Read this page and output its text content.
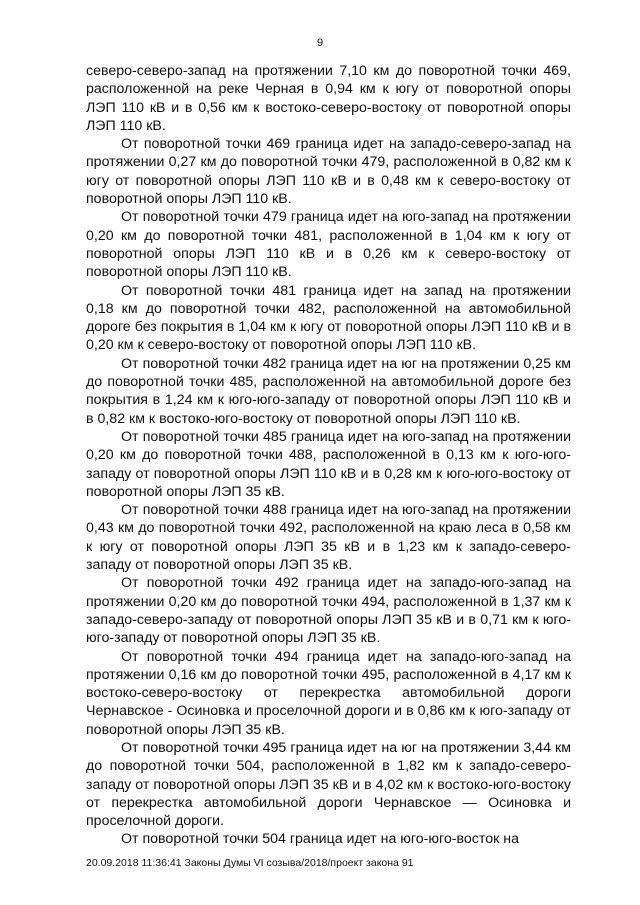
9

северо-северо-запад на протяжении 7,10 км до поворотной точки 469, расположенной на реке Черная в 0,94 км к югу от поворотной опоры ЛЭП 110 кВ и в 0,56 км к востоко-северо-востоку от поворотной опоры ЛЭП 110 кВ.

От поворотной точки 469 граница идет на западо-северо-запад на протяжении 0,27 км до поворотной точки 479, расположенной в 0,82 км к югу от поворотной опоры ЛЭП 110 кВ и в 0,48 км к северо-востоку от поворотной опоры ЛЭП 110 кВ.

От поворотной точки 479 граница идет на юго-запад на протяжении 0,20 км до поворотной точки 481, расположенной в 1,04 км к югу от поворотной опоры ЛЭП 110 кВ и в 0,26 км к северо-востоку от поворотной опоры ЛЭП 110 кВ.

От поворотной точки 481 граница идет на запад на протяжении 0,18 км до поворотной точки 482, расположенной на автомобильной дороге без покрытия в 1,04 км к югу от поворотной опоры ЛЭП 110 кВ и в 0,20 км к северо-востоку от поворотной опоры ЛЭП 110 кВ.

От поворотной точки 482 граница идет на юг на протяжении 0,25 км до поворотной точки 485, расположенной на автомобильной дороге без покрытия в 1,24 км к юго-юго-западу от поворотной опоры ЛЭП 110 кВ и в 0,82 км к востоко-юго-востоку от поворотной опоры ЛЭП 110 кВ.

От поворотной точки 485 граница идет на юго-запад на протяжении 0,20 км до поворотной точки 488, расположенной в 0,13 км к юго-юго-западу от поворотной опоры ЛЭП 110 кВ и в 0,28 км к юго-юго-востоку от поворотной опоры ЛЭП 35 кВ.

От поворотной точки 488 граница идет на юго-запад на протяжении 0,43 км до поворотной точки 492, расположенной на краю леса в 0,58 км к югу от поворотной опоры ЛЭП 35 кВ и в 1,23 км к западо-северо-западу от поворотной опоры ЛЭП 35 кВ.

От поворотной точки 492 граница идет на западо-юго-запад на протяжении 0,20 км до поворотной точки 494, расположенной в 1,37 км к западо-северо-западу от поворотной опоры ЛЭП 35 кВ и в 0,71 км к юго-юго-западу от поворотной опоры ЛЭП 35 кВ.

От поворотной точки 494 граница идет на западо-юго-запад на протяжении 0,16 км до поворотной точки 495, расположенной в 4,17 км к востоко-северо-востоку от перекрестка автомобильной дороги Чернавское - Осиновка и проселочной дороги и в 0,86 км к юго-западу от поворотной опоры ЛЭП 35 кВ.

От поворотной точки 495 граница идет на юг на протяжении 3,44 км до поворотной точки 504, расположенной в 1,82 км к западо-северо-западу от поворотной опоры ЛЭП 35 кВ и в 4,02 км к востоко-юго-востоку от перекрестка автомобильной дороги Чернавское — Осиновка и проселочной дороги.

От поворотной точки 504 граница идет на юго-юго-восток на

20.09.2018 11:36:41 Законы Думы VI созыва/2018/проект закона 91
